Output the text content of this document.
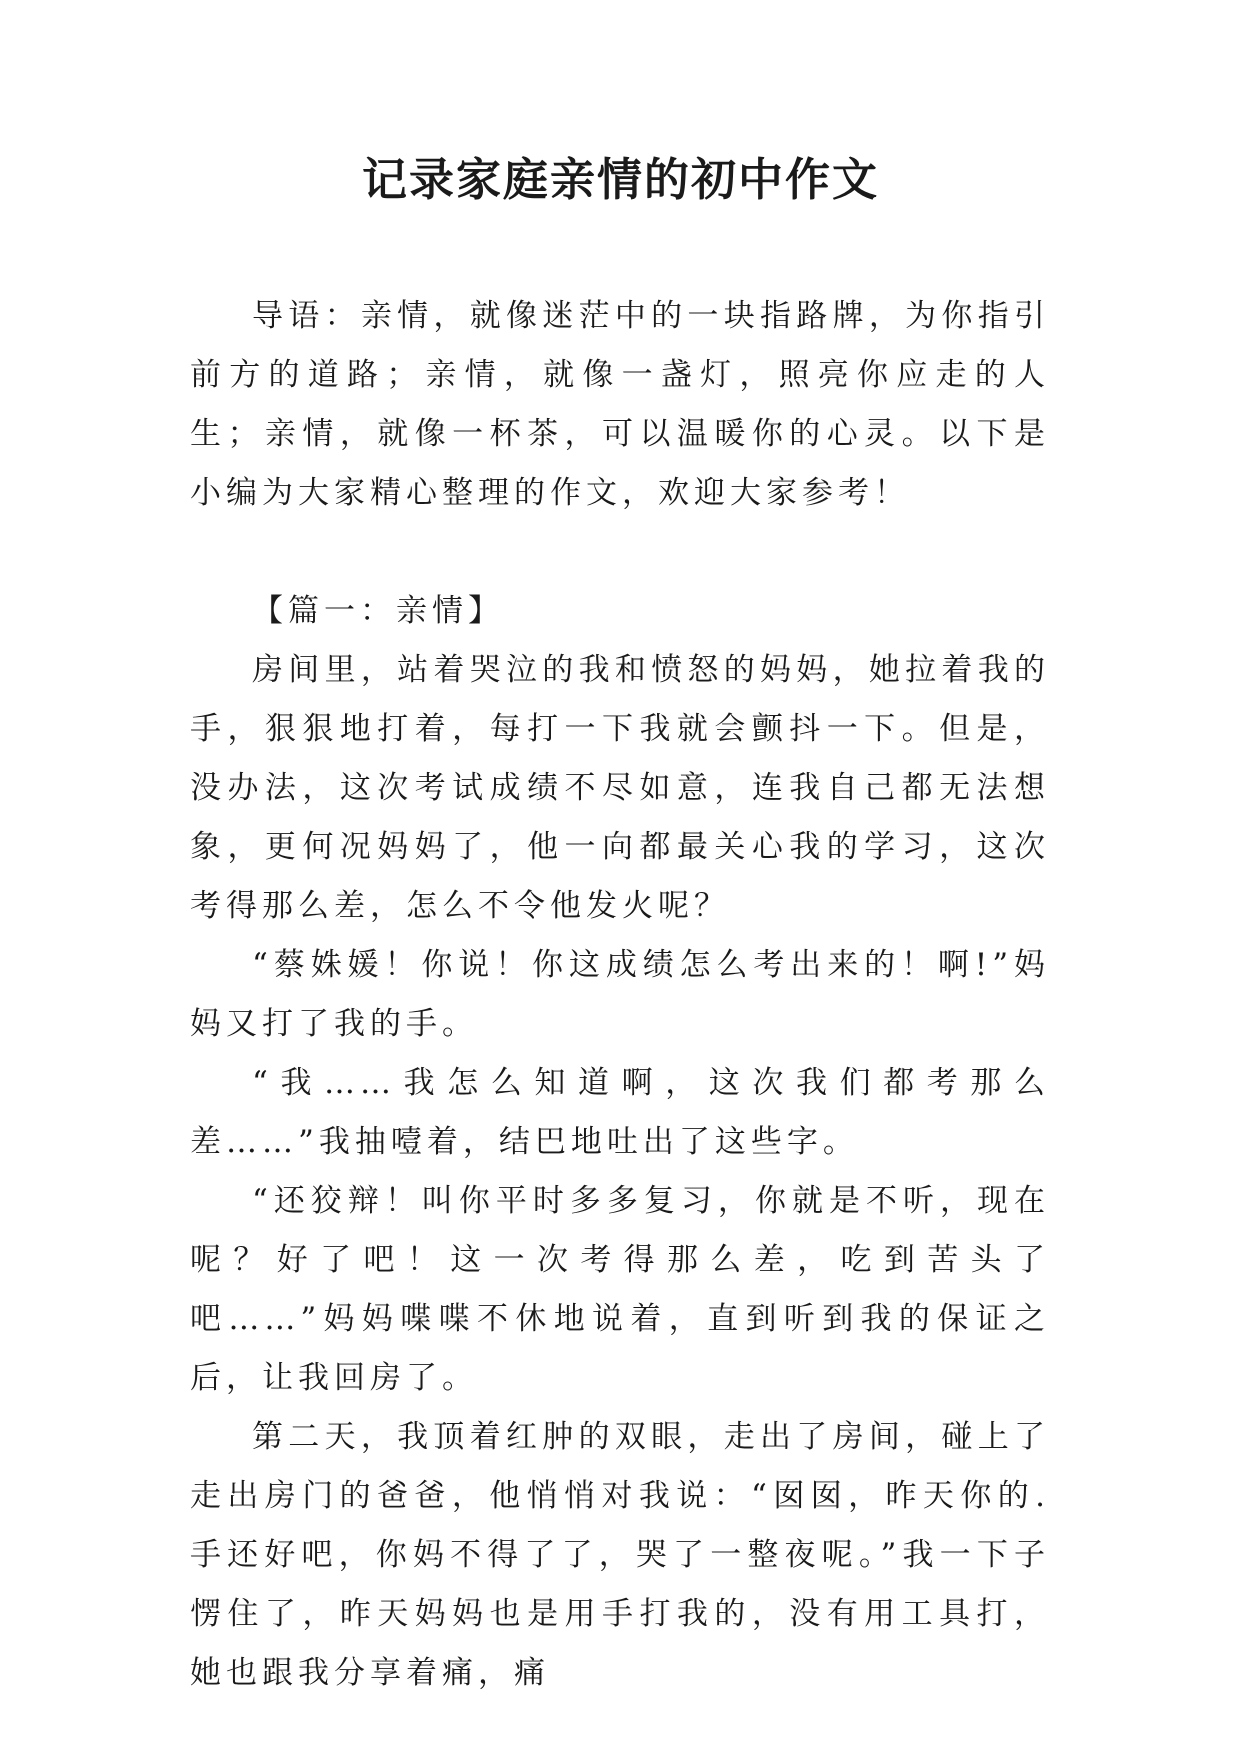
记录家庭亲情的初中作文

导语：亲情，就像迷茫中的一块指路牌，为你指引前方的道路；亲情，就像一盏灯，照亮你应走的人生；亲情，就像一杯茶，可以温暖你的心灵。以下是小编为大家精心整理的作文，欢迎大家参考！

【篇一：亲情】

房间里，站着哭泣的我和愤怒的妈妈，她拉着我的手，狠狠地打着，每打一下我就会颤抖一下。但是，没办法，这次考试成绩不尽如意，连我自己都无法想象，更何况妈妈了，他一向都最关心我的学习，这次考得那么差，怎么不令他发火呢？

“蔡姝媛！你说！你这成绩怎么考出来的！啊!”妈妈又打了我的手。

“我……我怎么知道啊，这次我们都考那么差……”我抽噎着，结巴地吐出了这些字。

“还狡辩！叫你平时多多复习，你就是不听，现在呢？好了吧！这一次考得那么差，吃到苦头了吧……”妈妈喋喋不休地说着，直到听到我的保证之后，让我回房了。

第二天，我顶着红肿的双眼，走出了房间，碰上了走出房门的爸爸，他悄悄对我说：“囡囡，昨天你的.手还好吧，你妈不得了了，哭了一整夜呢。”我一下子愣住了，昨天妈妈也是用手打我的，没有用工具打，她也跟我分享着痛，痛
